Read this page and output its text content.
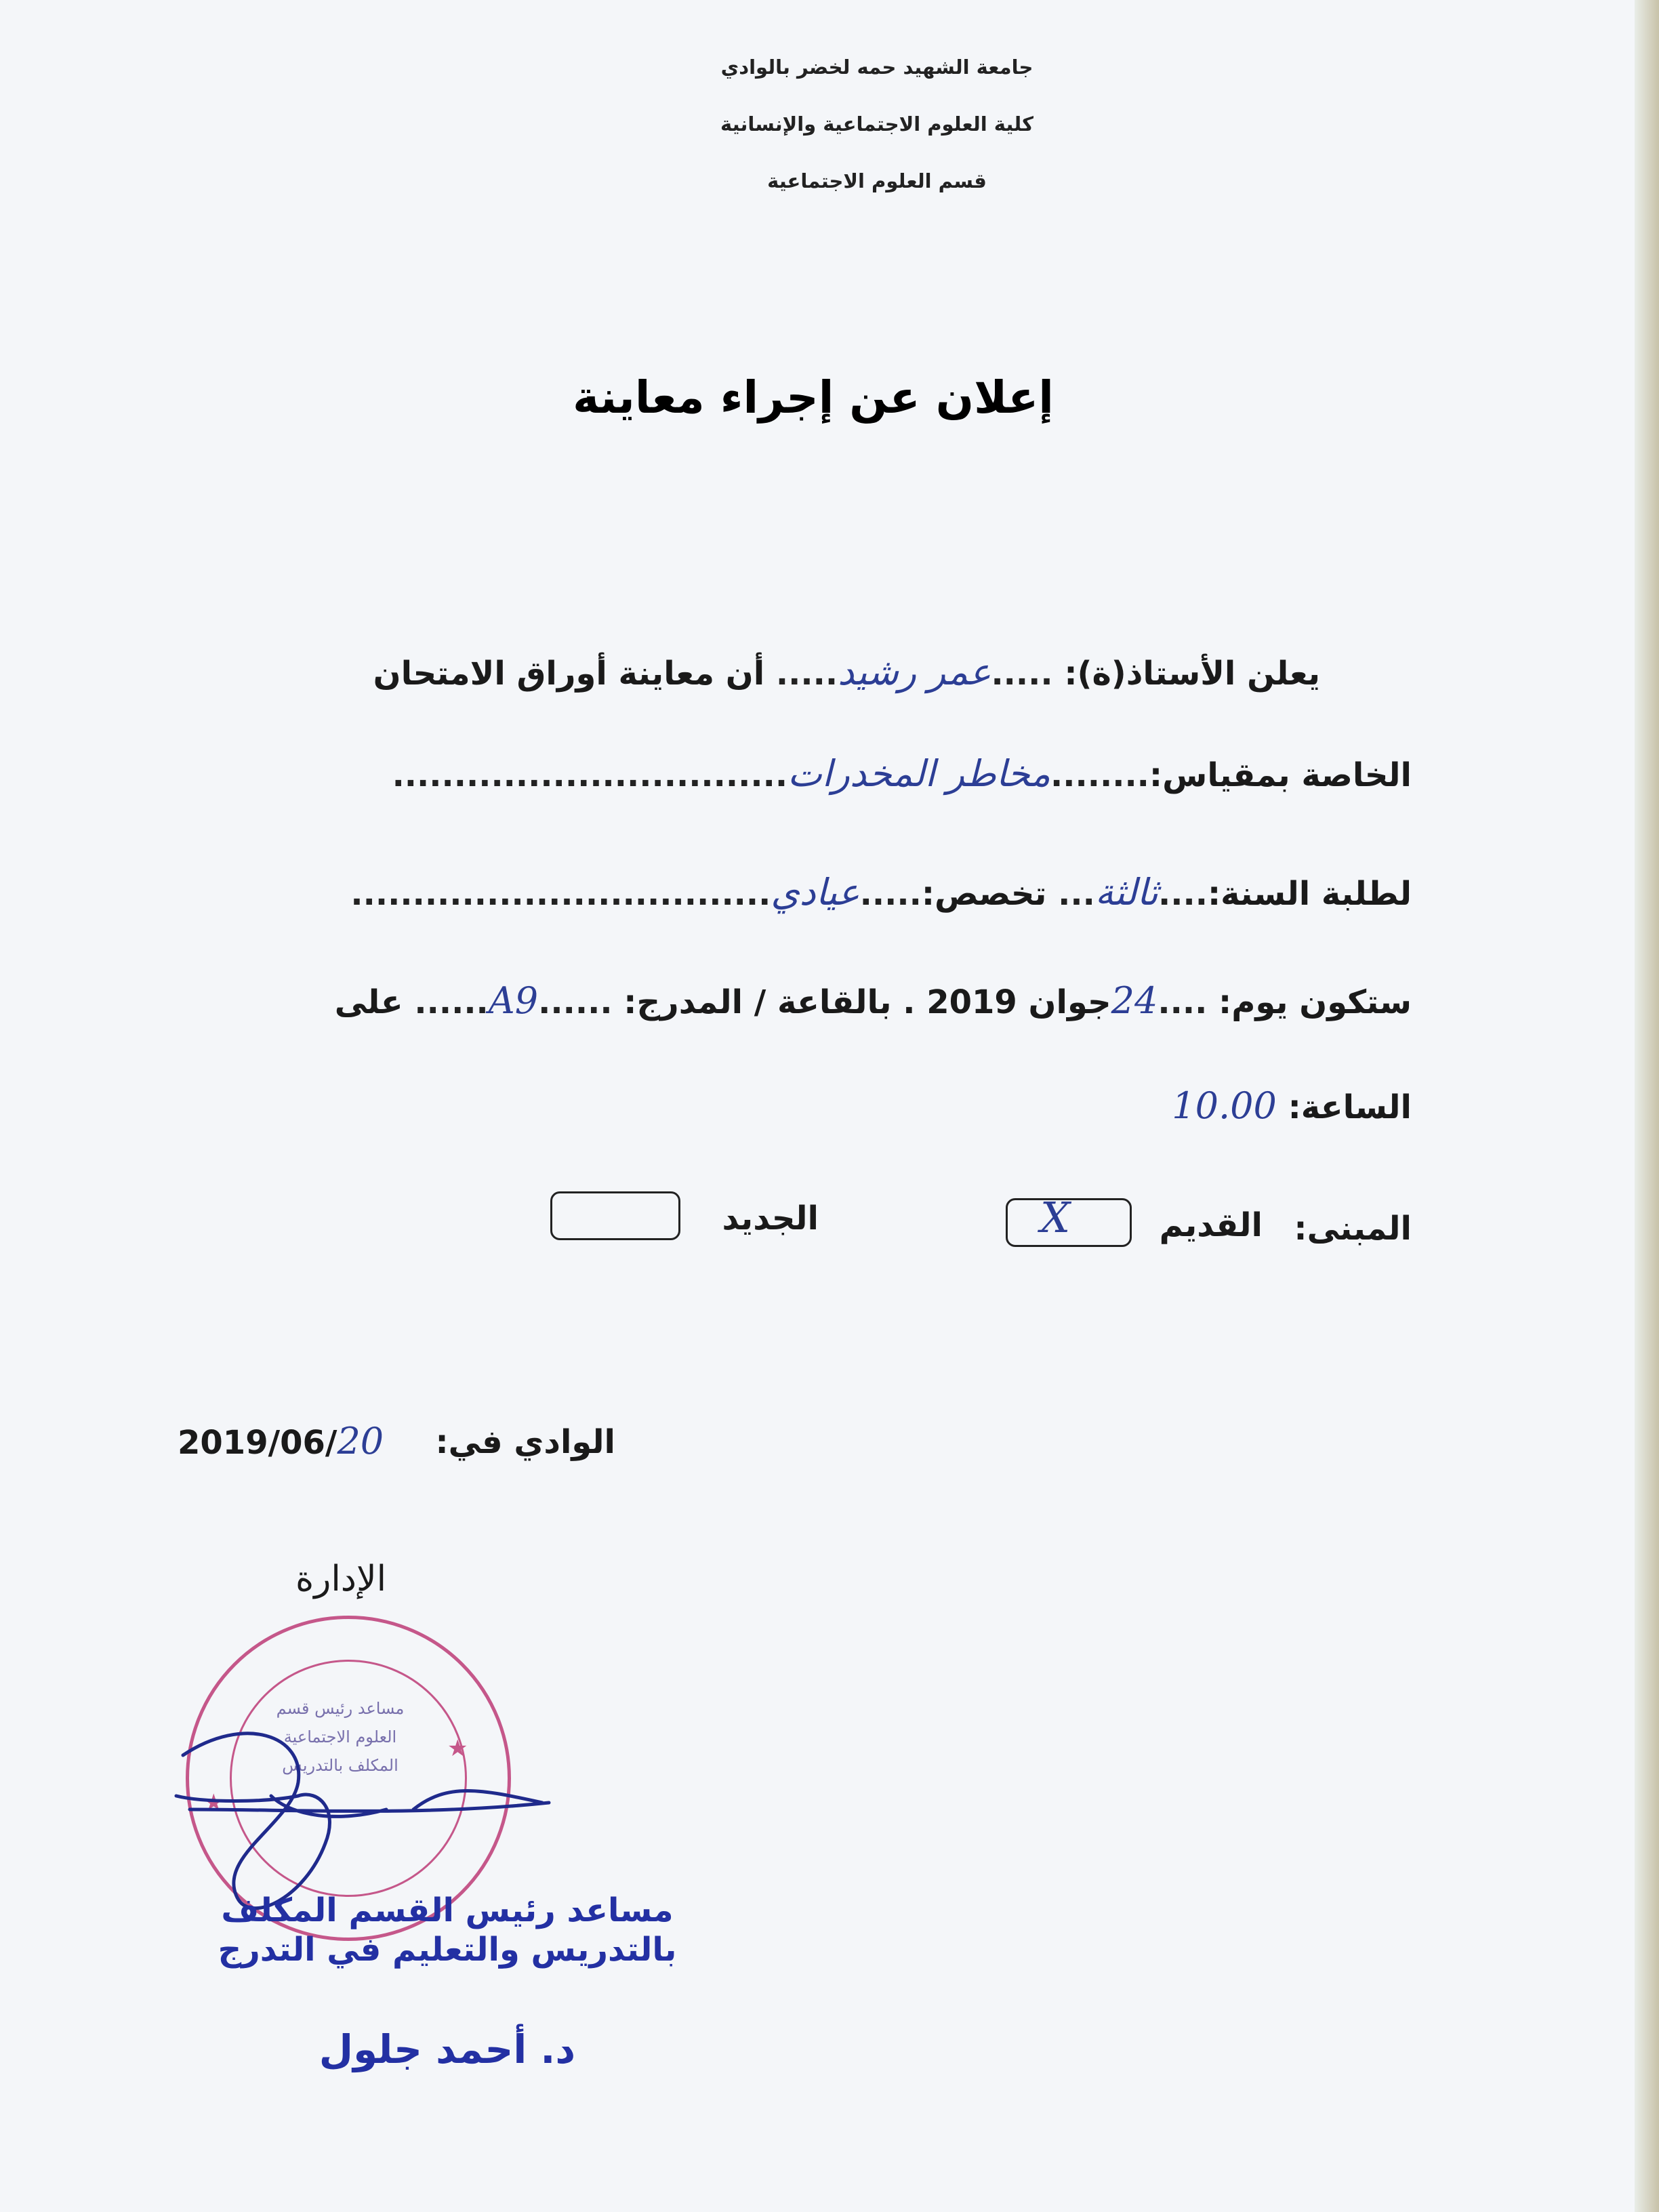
جامعة الشهيد حمه لخضر بالوادي
كلية العلوم الاجتماعية والإنسانية
قسم العلوم الاجتماعية
إعلان عن إجراء معاينة
يعلن الأستاذ(ة): .....عمر رشيد..... أن معاينة أوراق الامتحان
الخاصة بمقياس:........مخاطر المخدرات................................
لطلبة السنة:....ثالثة... تخصص:.....عيادي..................................
ستكون يوم: ....24جوان 2019 . بالقاعة / المدرج: ......A9...... على
الساعة: 10.00
المبنى:
القديم
X
الجديد
الوادي في:
2019/06/20
الإدارة
★
★
مساعد رئيس قسم
العلوم الاجتماعية
المكلف بالتدريس
مساعد رئيس القسم المكلف
بالتدريس والتعليم في التدرج
د. أحمد جلول
